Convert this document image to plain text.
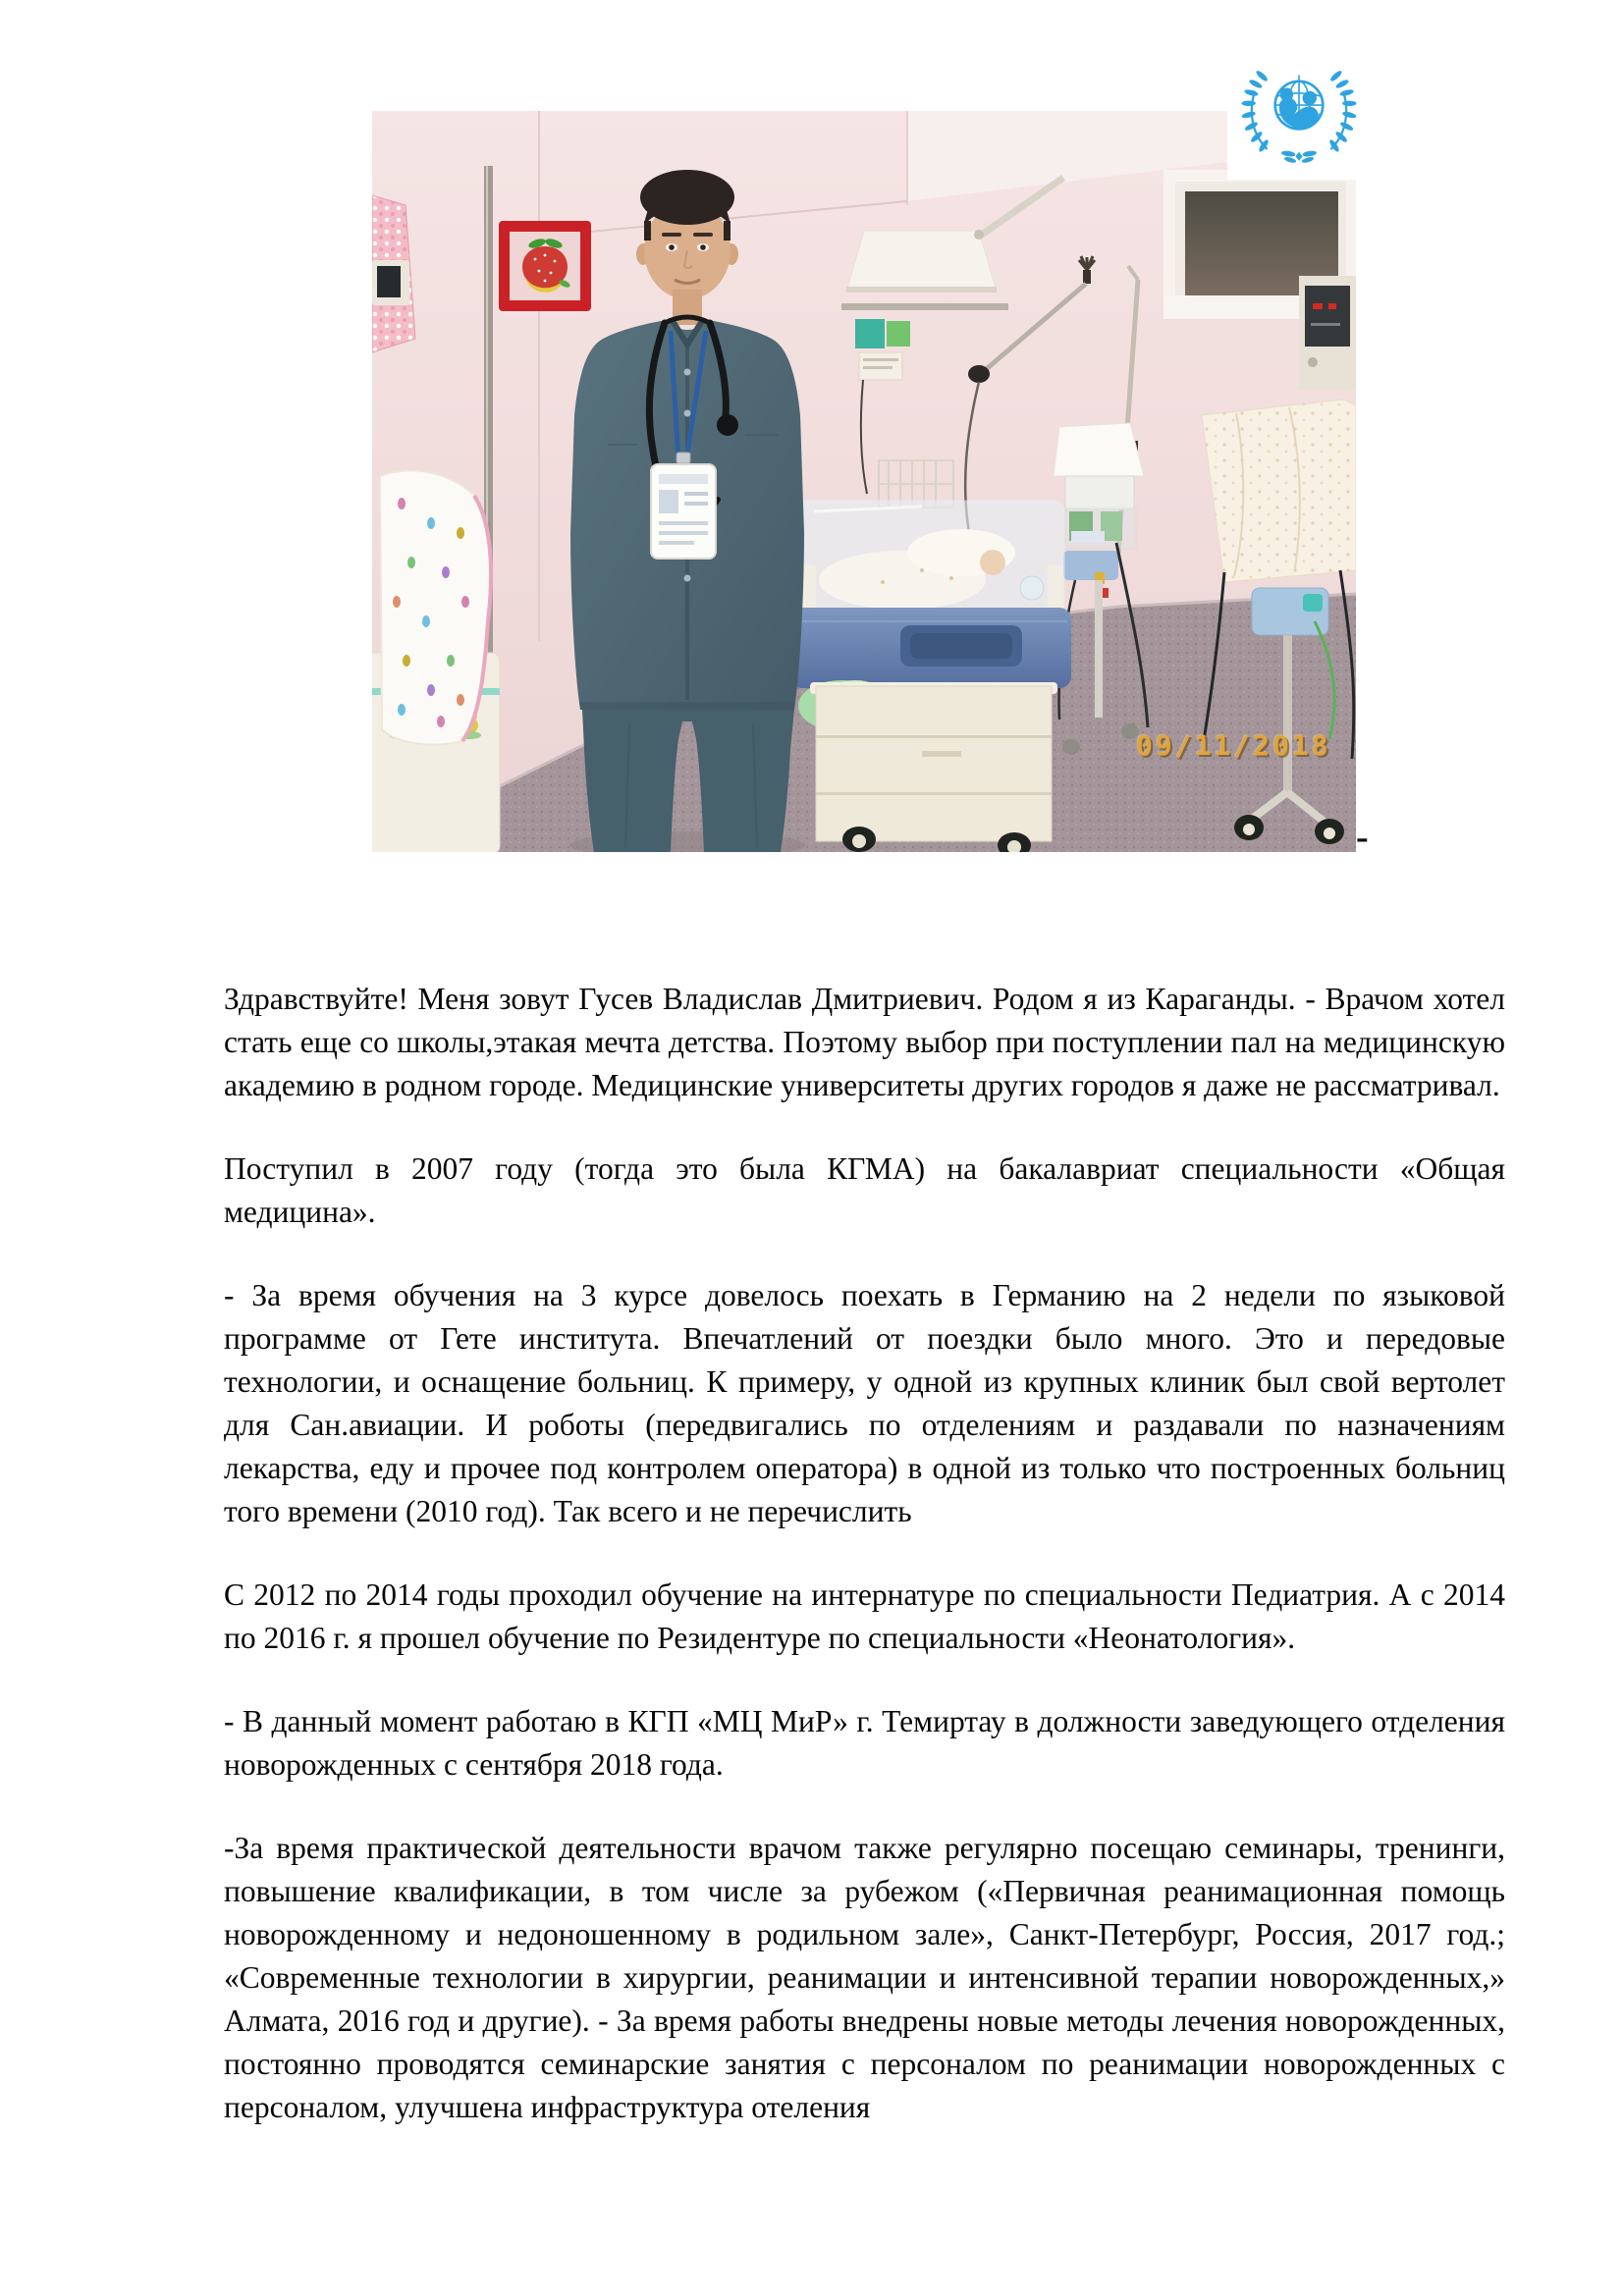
09/11/2018
-

Здравствуйте! Меня зовут Гусев Владислав Дмитриевич. Родом я из Караганды. - Врачом хотел стать еще со школы,этакая мечта детства. Поэтому выбор при поступлении пал на медицинскую академию в родном городе. Медицинские университеты других городов я даже не рассматривал.

Поступил в 2007 году (тогда это была КГМА) на бакалавриат специальности «Общая медицина».

- За время обучения на 3 курсе довелось поехать в Германию на 2 недели по языковой программе от Гете института. Впечатлений от поездки было много. Это и передовые технологии, и оснащение больниц. К примеру, у одной из крупных клиник был свой вертолет для Сан.авиации. И роботы (передвигались по отделениям и раздавали по назначениям лекарства, еду и прочее под контролем оператора) в одной из только что построенных больниц того времени (2010 год). Так всего и не перечислить

С 2012 по 2014 годы проходил обучение на интернатуре по специальности Педиатрия. А с 2014 по 2016 г. я прошел обучение по Резидентуре по специальности «Неонатология».

- В данный момент работаю в КГП «МЦ МиР» г. Темиртау в должности заведующего отделения новорожденных с сентября 2018 года.

-За время практической деятельности врачом также регулярно посещаю семинары, тренинги, повышение квалификации, в том числе за рубежом («Первичная реанимационная помощь новорожденному и недоношенному в родильном зале», Санкт-Петербург, Россия, 2017 год.; «Современные технологии в хирургии, реанимации и интенсивной терапии новорожденных,» Алмата, 2016 год и другие). - За время работы внедрены новые методы лечения новорожденных, постоянно проводятся семинарские занятия с персоналом по реанимации новорожденных с персоналом, улучшена инфраструктура отеления
